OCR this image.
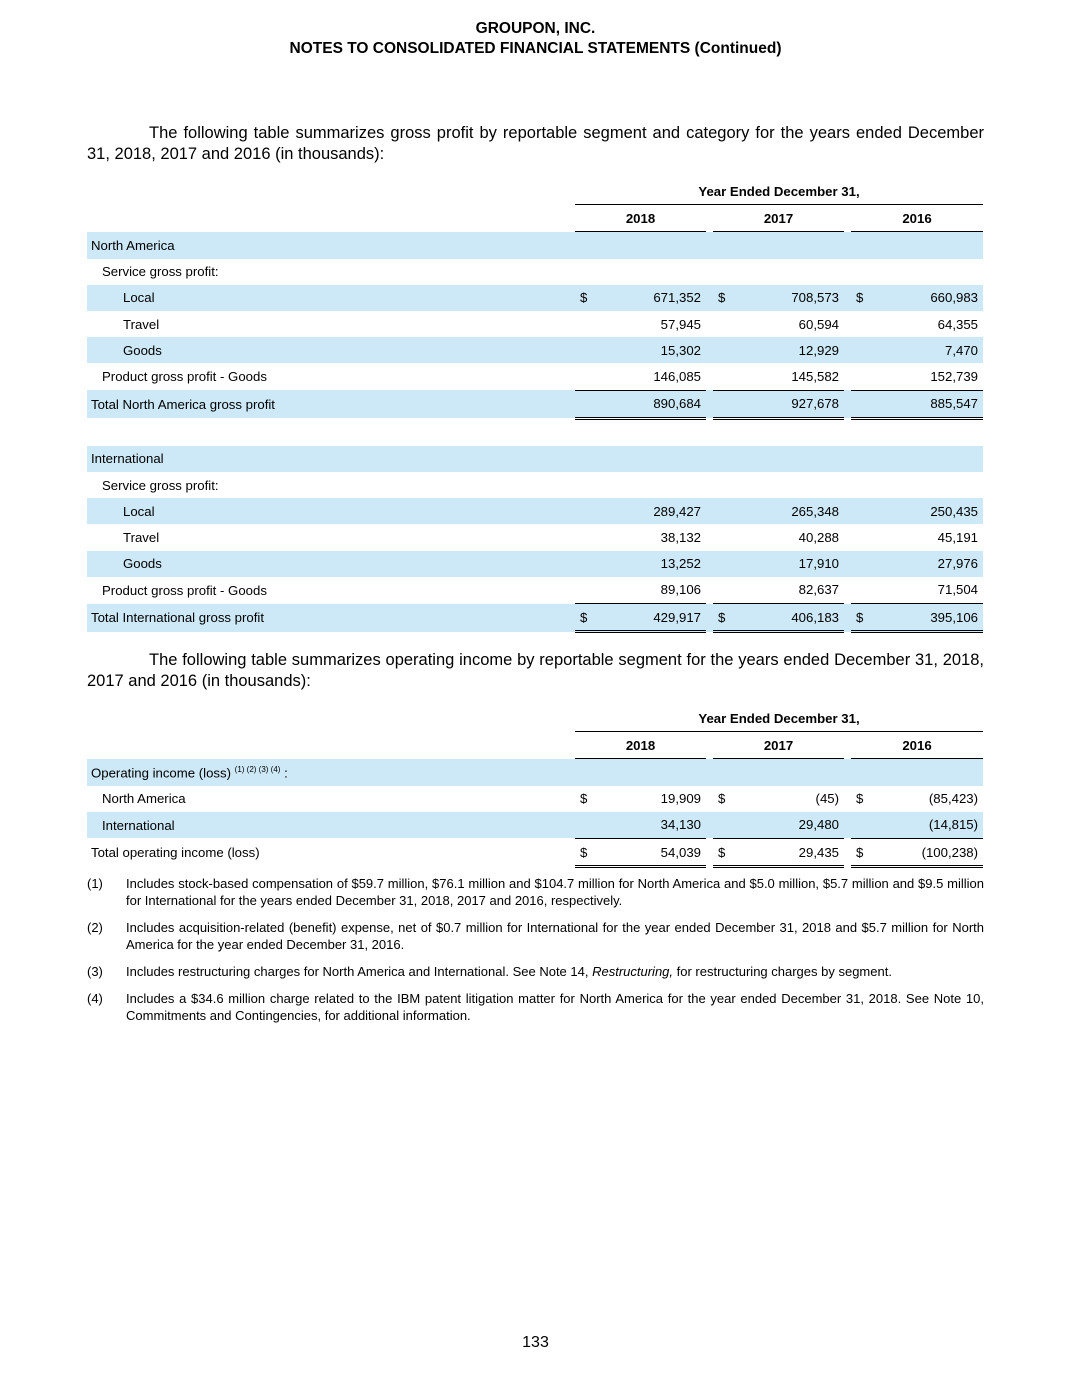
GROUPON, INC.
NOTES TO CONSOLIDATED FINANCIAL STATEMENTS (Continued)
The following table summarizes gross profit by reportable segment and category for the years ended December 31, 2018, 2017 and 2016 (in thousands):
	Year Ended December 31,							
	2018			2017			2016	
North America								
Service gross profit:								
Local	$	671,352		$	708,573		$	660,983
Travel		57,945			60,594			64,355
Goods		15,302			12,929			7,470
Product gross profit - Goods		146,085			145,582			152,739
Total North America gross profit		890,684			927,678			885,547

International								
Service gross profit:								
Local		289,427			265,348			250,435
Travel		38,132			40,288			45,191
Goods		13,252			17,910			27,976
Product gross profit - Goods		89,106			82,637			71,504
Total International gross profit	$	429,917		$	406,183		$	395,106
The following table summarizes operating income by reportable segment for the years ended December 31, 2018, 2017 and 2016 (in thousands):
	Year Ended December 31,							
	2018			2017			2016	
Operating income (loss) $^{(1) (2) (3) (4)}$ :								
North America	$	19,909		$	(45)		$	(85,423)
International		34,130			29,480			(14,815)
Total operating income (loss)	$	54,039		$	29,435		$	(100,238)
(1)	Includes stock-based compensation of $59.7 million, $76.1 million and $104.7 million for North America and $5.0 million, $5.7 million and $9.5 million for International for the years ended December 31, 2018, 2017 and 2016, respectively.
(2)	Includes acquisition-related (benefit) expense, net of $0.7 million for International for the year ended December 31, 2018 and $5.7 million for North America for the year ended December 31, 2016.
(3)	Includes restructuring charges for North America and International. See Note 14, Restructuring, for restructuring charges by segment.
(4)	Includes a $34.6 million charge related to the IBM patent litigation matter for North America for the year ended December 31, 2018. See Note 10, Commitments and Contingencies, for additional information.
133
